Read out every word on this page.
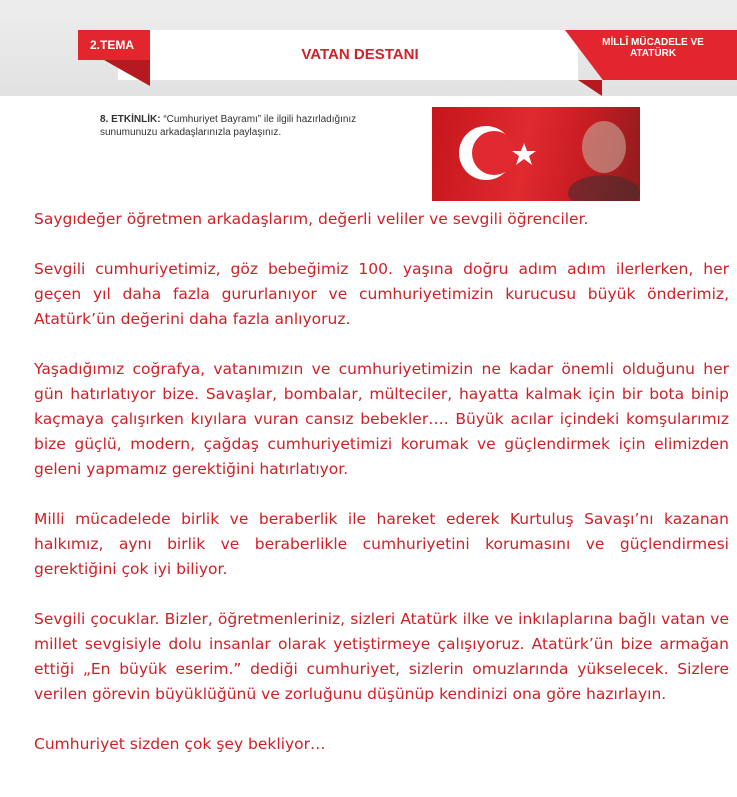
2.TEMA
VATAN DESTANI
MİLLÎ MÜCADELE VE ATATÜRK
8. ETKİNLİK: “Cumhuriyet Bayramı” ile ilgili hazırladığınız sunumunuzu arkadaşlarınızla paylaşınız.

Saygıdeğer öğretmen arkadaşlarım, değerli veliler ve sevgili öğrenciler.

Sevgili cumhuriyetimiz, göz bebeğimiz 100. yaşına doğru adım adım ilerlerken, her geçen yıl daha fazla gururlanıyor ve cumhuriyetimizin kurucusu büyük önderimiz, Atatürk’ün değerini daha fazla anlıyoruz.

Yaşadığımız coğrafya, vatanımızın ve cumhuriyetimizin ne kadar önemli olduğunu her gün hatırlatıyor bize. Savaşlar, bombalar, mülteciler, hayatta kalmak için bir bota binip kaçmaya çalışırken kıyılara vuran cansız bebekler…. Büyük acılar içindeki komşularımız bize güçlü, modern, çağdaş cumhuriyetimizi korumak ve güçlendirmek için elimizden geleni yapmamız gerektiğini hatırlatıyor.

Milli mücadelede birlik ve beraberlik ile hareket ederek Kurtuluş Savaşı’nı kazanan halkımız, aynı birlik ve beraberlikle cumhuriyetini korumasını ve güçlendirmesi gerektiğini çok iyi biliyor.

Sevgili çocuklar. Bizler, öğretmenleriniz, sizleri Atatürk ilke ve inkılaplarına bağlı vatan ve millet sevgisiyle dolu insanlar olarak yetiştirmeye çalışıyoruz. Atatürk’ün bize armağan ettiği „En büyük eserim.” dediği cumhuriyet, sizlerin omuzlarında yükselecek. Sizlere verilen görevin büyüklüğünü ve zorluğunu düşünüp kendinizi ona göre hazırlayın.

Cumhuriyet sizden çok şey bekliyor…
